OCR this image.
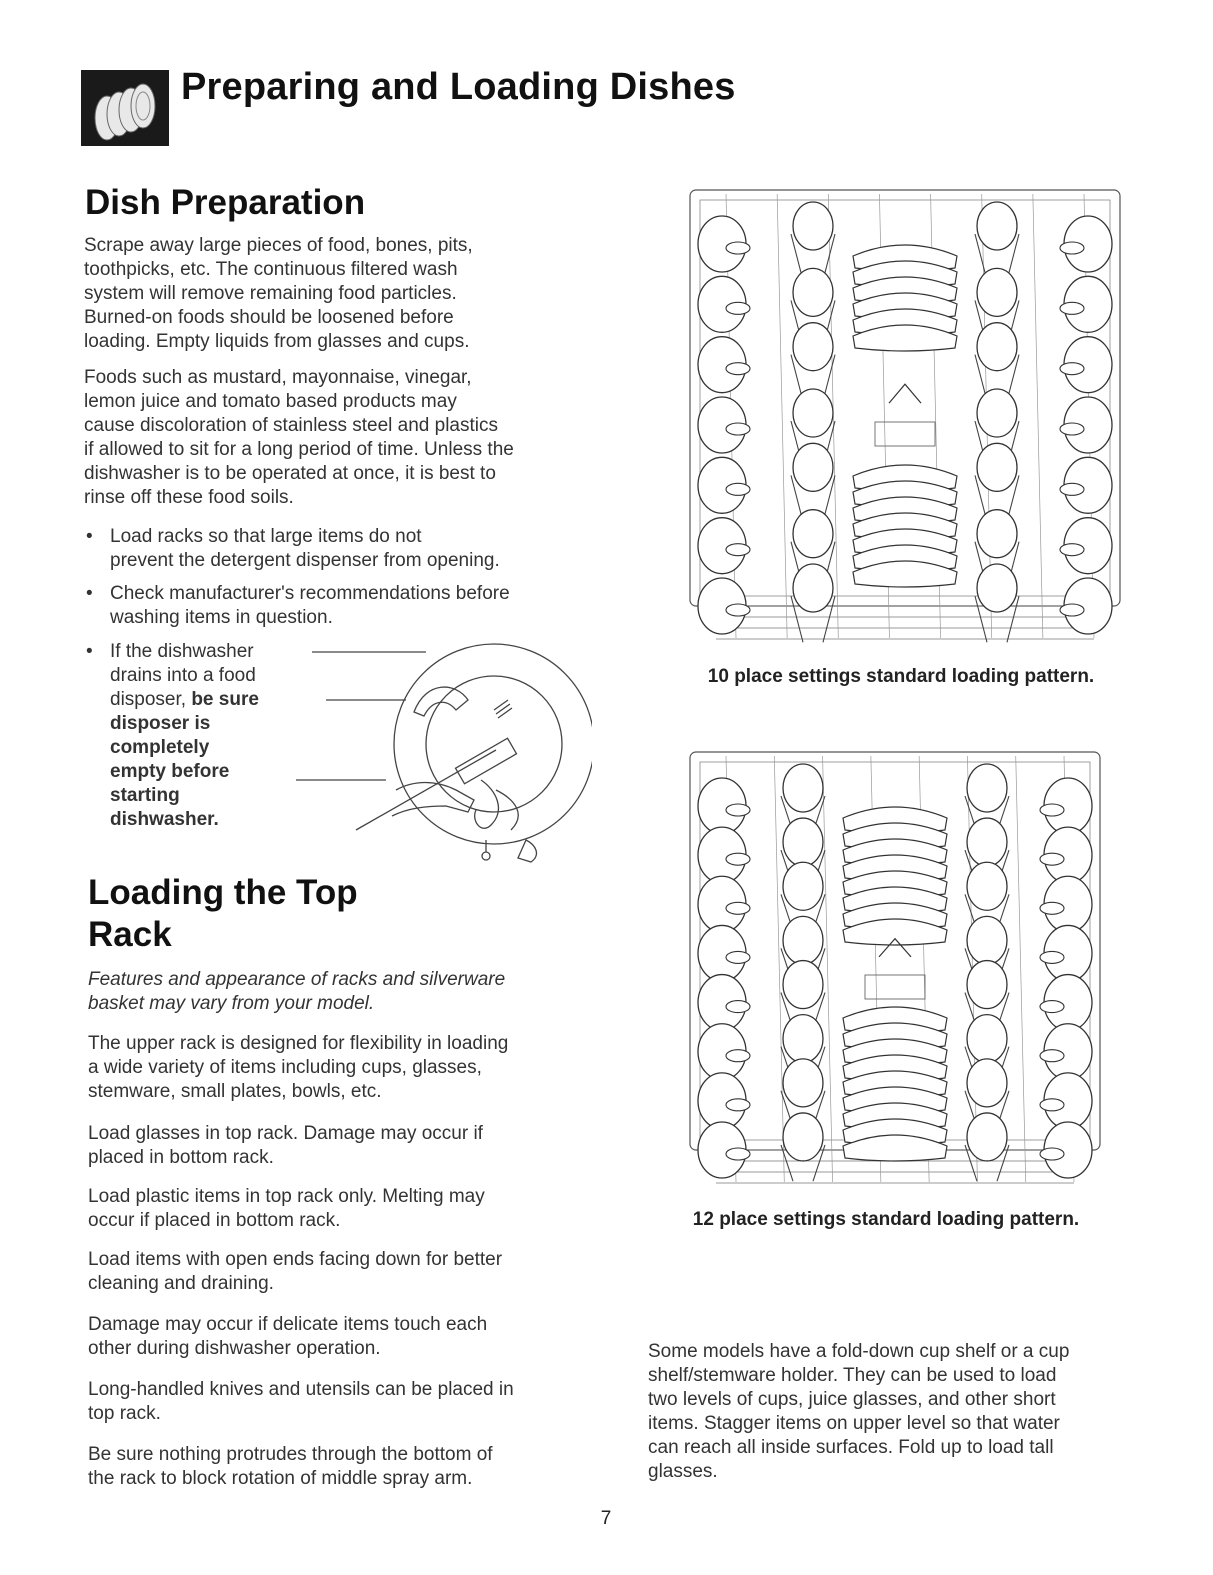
Preparing and Loading Dishes
Dish Preparation
Scrape away large pieces of food, bones, pits,
toothpicks, etc. The continuous filtered wash
system will remove remaining food particles.
Burned-on foods should be loosened before
loading. Empty liquids from glasses and cups.
Foods such as mustard, mayonnaise, vinegar,
lemon juice and tomato based products may
cause discoloration of stainless steel and plastics
if allowed to sit for a long period of time. Unless the
dishwasher is to be operated at once, it is best to
rinse off these food soils.
• Load racks so that large items do not
prevent the detergent dispenser from opening.
• Check manufacturer's recommendations before
washing items in question.
• If the dishwasher
drains into a food
disposer, be sure
disposer is
completely
empty before
starting
dishwasher.
Loading the Top
Rack
Features and appearance of racks and silverware
basket may vary from your model.
The upper rack is designed for flexibility in loading
a wide variety of items including cups, glasses,
stemware, small plates, bowls, etc.
Load glasses in top rack. Damage may occur if
placed in bottom rack.
Load plastic items in top rack only. Melting may
occur if placed in bottom rack.
Load items with open ends facing down for better
cleaning and draining.
Damage may occur if delicate items touch each
other during dishwasher operation.
Long-handled knives and utensils can be placed in
top rack.
Be sure nothing protrudes through the bottom of
the rack to block rotation of middle spray arm.
10 place settings standard loading pattern.
12 place settings standard loading pattern.
Some models have a fold-down cup shelf or a cup
shelf/stemware holder. They can be used to load
two levels of cups, juice glasses, and other short
items. Stagger items on upper level so that water
can reach all inside surfaces. Fold up to load tall
glasses.
7
